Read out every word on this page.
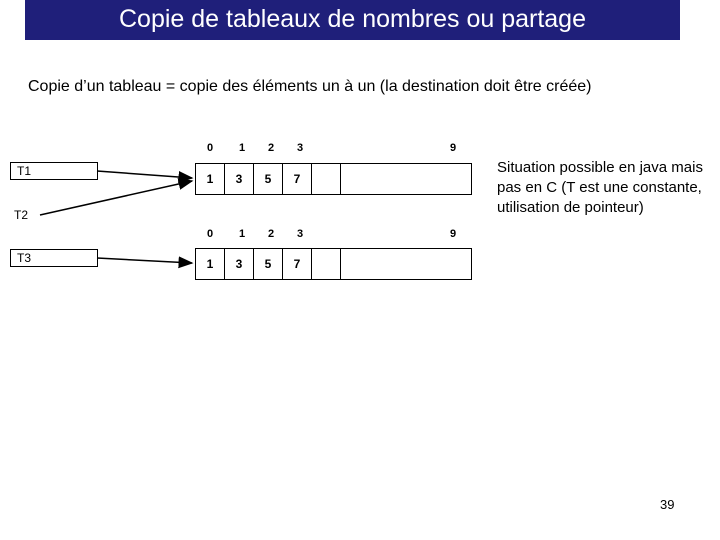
Copie de tableaux de nombres ou partage
Copie d’un tableau = copie des éléments un à un (la destination doit être créée)
T1
T2
T3
0	1	2	3	9
1	3	5	7
0	1	2	3	9
1	3	5	7
Situation possible en java mais pas en C (T est une constante, utilisation de pointeur)
39
